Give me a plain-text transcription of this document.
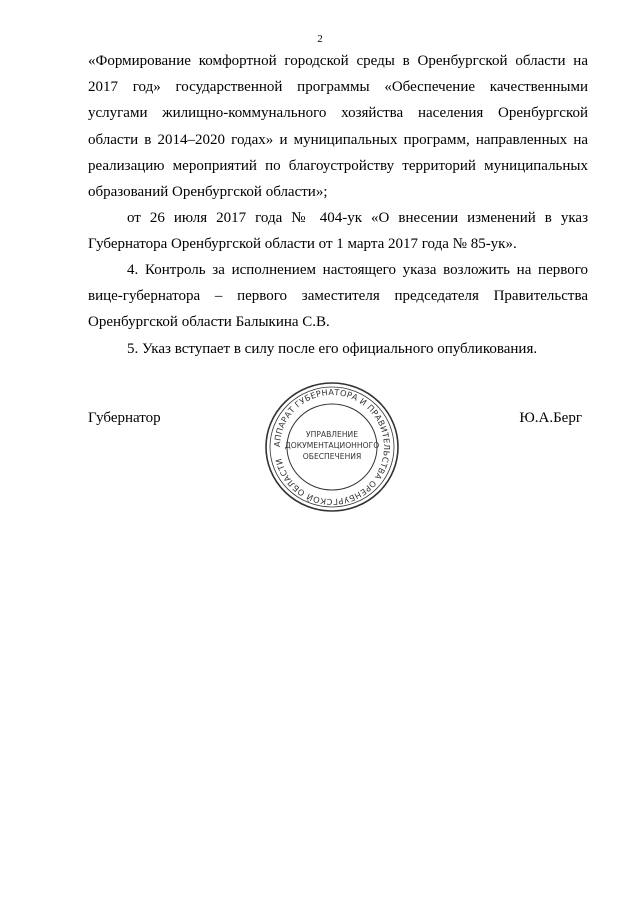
2

«Формирование комфортной городской среды в Оренбургской области на 2017 год» государственной программы «Обеспечение качественными услугами жилищно-коммунального хозяйства населения Оренбургской области в 2014–2020 годах» и муниципальных программ, направленных на реализацию мероприятий по благоустройству территорий муниципальных образований Оренбургской области»;

от 26 июля 2017 года № 404-ук «О внесении изменений в указ Губернатора Оренбургской области от 1 марта 2017 года № 85-ук».

4. Контроль за исполнением настоящего указа возложить на первого вице-губернатора – первого заместителя председателя Правительства Оренбургской области Балыкина С.В.

5. Указ вступает в силу после его официального опубликования.

Губернатор
АППАРАТ ГУБЕРНАТОРА И ПРАВИТЕЛЬСТВА ОРЕНБУРГСКОЙ ОБЛАСТИ
УПРАВЛЕНИЕ
ДОКУМЕНТАЦИОННОГО
ОБЕСПЕЧЕНИЯ
Ю.А.Берг
